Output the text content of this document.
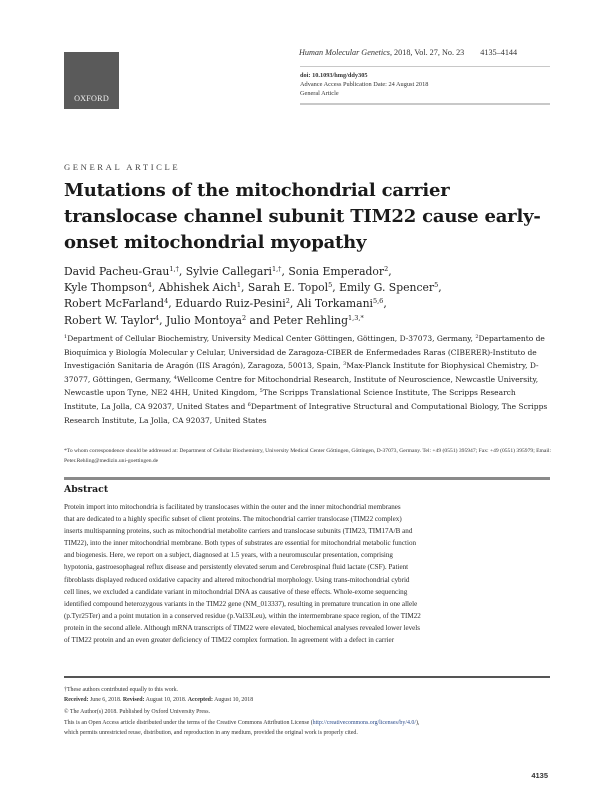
OXFORD
Human Molecular Genetics, 2018, Vol. 27, No. 23 4135–4144
doi: 10.1093/hmg/ddy305
Advance Access Publication Date: 24 August 2018
General Article
GENERAL ARTICLE
Mutations of the mitochondrial carrier translocase channel subunit TIM22 cause early-onset mitochondrial myopathy
David Pacheu-Grau$^{1,\dagger}$, Sylvie Callegari$^{1,\dagger}$, Sonia Emperador$^2$,
Kyle Thompson$^4$, Abhishek Aich$^1$, Sarah E. Topol$^5$, Emily G. Spencer$^5$,
Robert McFarland$^4$, Eduardo Ruiz-Pesini$^2$, Ali Torkamani$^{5,6}$,
Robert W. Taylor$^4$, Julio Montoya$^2$ and Peter Rehling$^{1,3,*}$
$^1$Department of Cellular Biochemistry, University Medical Center Göttingen, Göttingen, D-37073, Germany, $^2$Departamento de Bioquímica y Biología Molecular y Celular, Universidad de Zaragoza-CIBER de Enfermedades Raras (CIBERER)-Instituto de Investigación Sanitaria de Aragón (IIS Aragón), Zaragoza, 50013, Spain, $^3$Max-Planck Institute for Biophysical Chemistry, D-37077, Göttingen, Germany, $^4$Wellcome Centre for Mitochondrial Research, Institute of Neuroscience, Newcastle University, Newcastle upon Tyne, NE2 4HH, United Kingdom, $^5$The Scripps Translational Science Institute, The Scripps Research Institute, La Jolla, CA 92037, United States and $^6$Department of Integrative Structural and Computational Biology, The Scripps Research Institute, La Jolla, CA 92037, United States
*To whom correspondence should be addressed at: Department of Cellular Biochemistry, University Medical Center Göttingen, Göttingen, D-37073, Germany. Tel: +49 (0551) 395947; Fax: +49 (0551) 395979; Email: Peter.Rehling@medizin.uni-goettingen.de
Abstract
Protein import into mitochondria is facilitated by translocases within the outer and the inner mitochondrial membranes
that are dedicated to a highly specific subset of client proteins. The mitochondrial carrier translocase (TIM22 complex)
inserts multispanning proteins, such as mitochondrial metabolite carriers and translocase subunits (TIM23, TIM17A/B and
TIM22), into the inner mitochondrial membrane. Both types of substrates are essential for mitochondrial metabolic function
and biogenesis. Here, we report on a subject, diagnosed at 1.5 years, with a neuromuscular presentation, comprising
hypotonia, gastroesophageal reflux disease and persistently elevated serum and Cerebrospinal fluid lactate (CSF). Patient
fibroblasts displayed reduced oxidative capacity and altered mitochondrial morphology. Using trans-mitochondrial cybrid
cell lines, we excluded a candidate variant in mitochondrial DNA as causative of these effects. Whole-exome sequencing
identified compound heterozygous variants in the TIM22 gene (NM_013337), resulting in premature truncation in one allele
(p.Tyr25Ter) and a point mutation in a conserved residue (p.Val33Leu), within the intermembrane space region, of the TIM22
protein in the second allele. Although mRNA transcripts of TIM22 were elevated, biochemical analyses revealed lower levels
of TIM22 protein and an even greater deficiency of TIM22 complex formation. In agreement with a defect in carrier
†These authors contributed equally to this work.
Received: June 6, 2018. Revised: August 10, 2018. Accepted: August 10, 2018
© The Author(s) 2018. Published by Oxford University Press.
This is an Open Access article distributed under the terms of the Creative Commons Attribution License (http://creativecommons.org/licenses/by/4.0/),
which permits unrestricted reuse, distribution, and reproduction in any medium, provided the original work is properly cited.
4135
